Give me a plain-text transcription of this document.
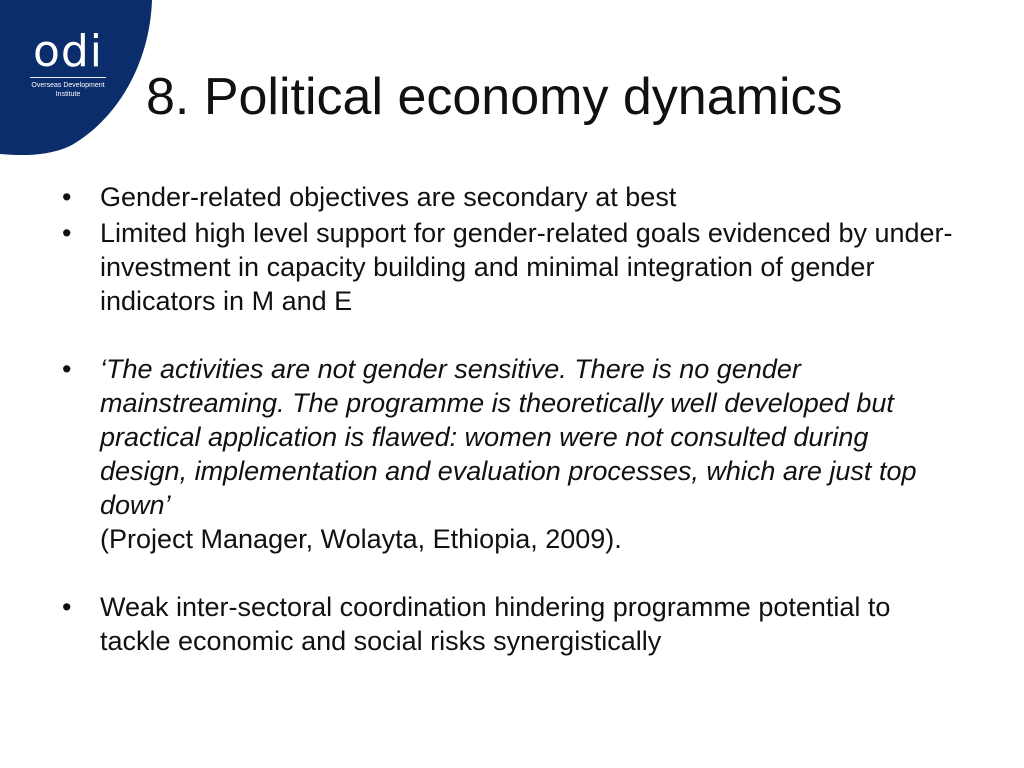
odi
Overseas Development
Institute	8. Political economy dynamics
• Gender-related objectives are secondary at best
• Limited high level support for gender-related goals evidenced by under-investment in capacity building and minimal integration of gender indicators in M and E
• ‘The activities are not gender sensitive. There is no gender mainstreaming. The programme is theoretically well developed but practical application is flawed: women were not consulted during design, implementation and evaluation processes, which are just top down’
(Project Manager, Wolayta, Ethiopia, 2009).
• Weak inter-sectoral coordination hindering programme potential to tackle economic and social risks synergistically
